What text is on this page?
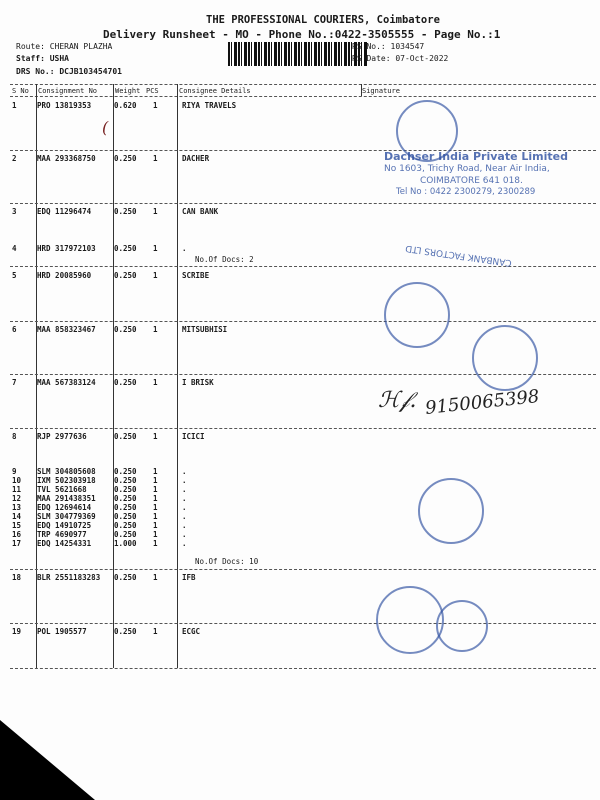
THE PROFESSIONAL COURIERS, Coimbatore
Delivery Runsheet - MO - Phone No.:0422-3505555 - Page No.:1
Route: CHERAN PLAZHA
Staff: USHA
DRS No.: DCJB103454701
RS No.: 1034547
RS Date: 07-Oct-2022
S No Consignment No	Weight PCS	Consignee Details	Signature
1	PRO 13819353	0.620 1	RIYA TRAVELS
2	MAA 293368750 0.250 1	DACHER
3	EDQ 11296474	0.250 1	CAN BANK
4	HRD 317972103 0.250 1	.
5	HRD 20085960	0.250 1	SCRIBE
6	MAA 858323467 0.250 1	MITSUBHISI
7	MAA 567383124 0.250 1	I BRISK
8	RJP 2977636	0.250 1	ICICI
9	SLM 304805608 0.250 1	.
10 IXM 502303918 0.250 1	.
11 TVL 5621668	0.250 1	.
12 MAA 291438351 0.250 1	.
13 EDQ 12694614	0.250 1	.
14 SLM 304779369 0.250 1	.
15 EDQ 14910725	0.250 1	.
16 TRP 4690977	0.250 1	.
17 EDQ 14254331	1.000 1	.
18 BLR 2551183283 0.250 1	IFB
19 POL 1905577	0.250 1	ECGC
No.Of Docs: 2
No.Of Docs: 10
Dachser India Private Limited
No 1603, Trichy Road, Near Air India,
COIMBATORE 641 018.
Tel No : 0422 2300279, 2300289
CANBANK FACTORS LTD
ℋ𝒻. 9150065398
(
